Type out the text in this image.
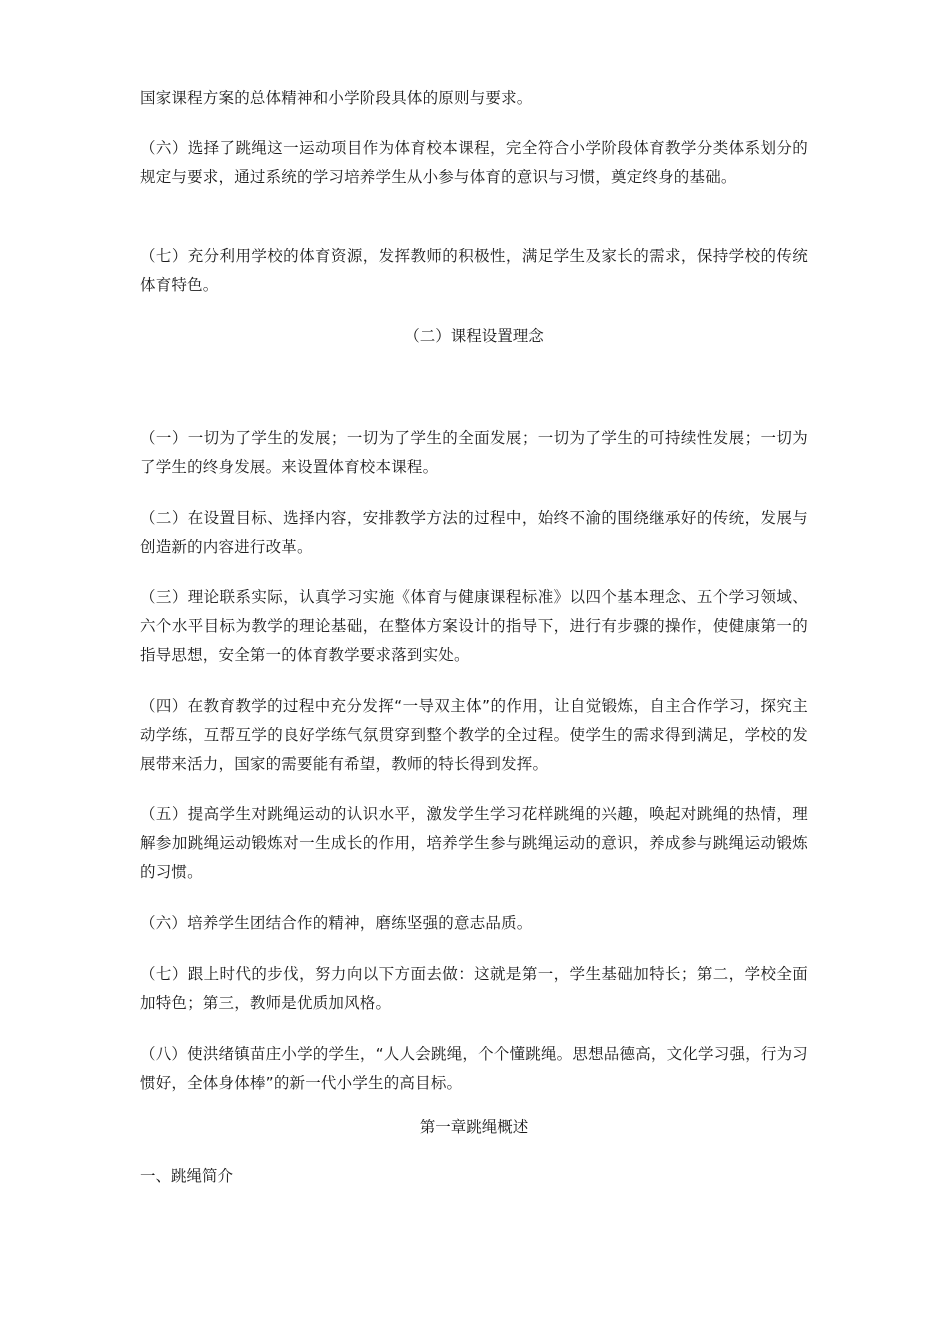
国家课程方案的总体精神和小学阶段具体的原则与要求。

（六）选择了跳绳这一运动项目作为体育校本课程，完全符合小学阶段体育教学分类体系划分的规定与要求，通过系统的学习培养学生从小参与体育的意识与习惯，奠定终身的基础。

（七）充分利用学校的体育资源，发挥教师的积极性，满足学生及家长的需求，保持学校的传统体育特色。

（二）课程设置理念

（一）一切为了学生的发展；一切为了学生的全面发展；一切为了学生的可持续性发展；一切为了学生的终身发展。来设置体育校本课程。

（二）在设置目标、选择内容，安排教学方法的过程中，始终不渝的围绕继承好的传统，发展与创造新的内容进行改革。

（三）理论联系实际，认真学习实施《体育与健康课程标准》以四个基本理念、五个学习领域、六个水平目标为教学的理论基础，在整体方案设计的指导下，进行有步骤的操作，使健康第一的指导思想，安全第一的体育教学要求落到实处。

（四）在教育教学的过程中充分发挥“一导双主体”的作用，让自觉锻炼，自主合作学习，探究主动学练，互帮互学的良好学练气氛贯穿到整个教学的全过程。使学生的需求得到满足，学校的发展带来活力，国家的需要能有希望，教师的特长得到发挥。

（五）提高学生对跳绳运动的认识水平，激发学生学习花样跳绳的兴趣，唤起对跳绳的热情，理解参加跳绳运动锻炼对一生成长的作用，培养学生参与跳绳运动的意识，养成参与跳绳运动锻炼的习惯。

（六）培养学生团结合作的精神，磨练坚强的意志品质。

（七）跟上时代的步伐，努力向以下方面去做：这就是第一，学生基础加特长；第二，学校全面加特色；第三，教师是优质加风格。

（八）使洪绪镇苗庄小学的学生，“人人会跳绳，个个懂跳绳。思想品德高，文化学习强，行为习惯好，全体身体棒”的新一代小学生的高目标。

第一章跳绳概述

一、跳绳简介
